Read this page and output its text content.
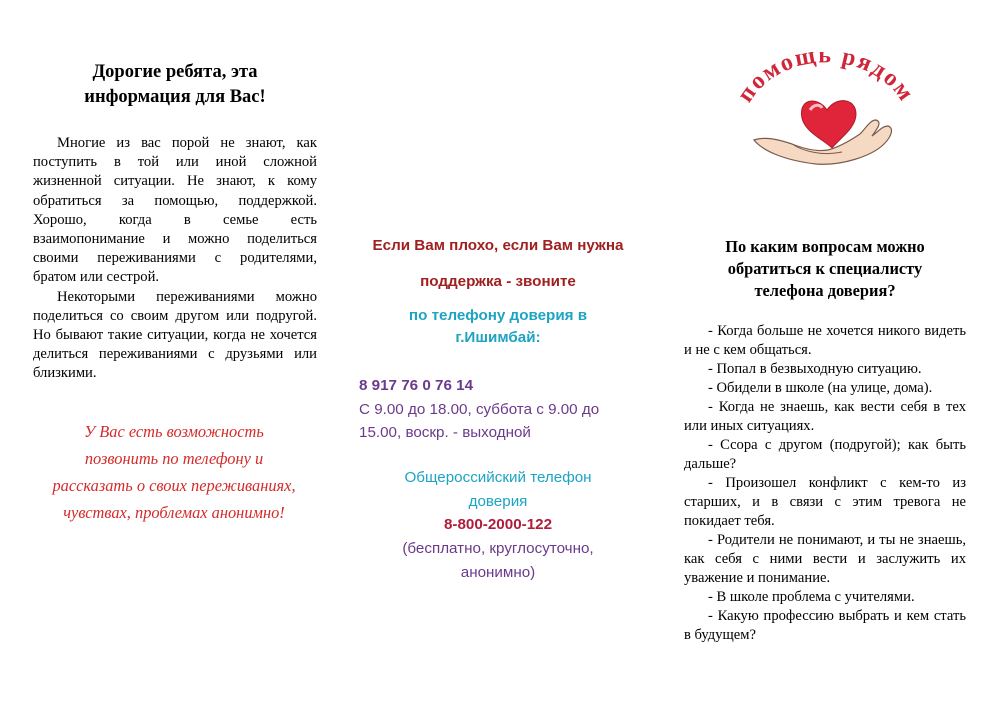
Дорогие ребята, эта
информация для Вас!

Многие из вас порой не знают, как поступить в той или иной сложной жизненной ситуации. Не знают, к кому обратиться за помощью, поддержкой. Хорошо, когда в семье есть взаимопонимание и можно поделиться своими переживаниями с родителями, братом или сестрой.

Некоторыми переживаниями можно поделиться со своим другом или подругой. Но бывают такие ситуации, когда не хочется делиться переживаниями с друзьями или близкими.

У Вас есть возможность
позвонить по телефону и
рассказать о своих переживаниях,
чувствах, проблемах анонимно!
Если Вам плохо, если Вам нужна
поддержка - звоните
по телефону доверия в
г.Ишимбай:
8 917 76 0 76 14
С 9.00 до 18.00, суббота с 9.00 до
15.00, воскр. - выходной
Общероссийский телефон
доверия
8-800-2000-122
(бесплатно, круглосуточно,
анонимно)
помощь рядом
По каким вопросам можно
обратиться к специалисту
телефона доверия?

- Когда больше не хочется никого видеть и не с кем общаться.

- Попал в безвыходную ситуацию.

- Обидели в школе (на улице, дома).

- Когда не знаешь, как вести себя в тех или иных ситуациях.

- Ссора с другом (подругой); как быть дальше?

- Произошел конфликт с кем-то из старших, и в связи с этим тревога не покидает тебя.

- Родители не понимают, и ты не знаешь, как себя с ними вести и заслужить их уважение и понимание.

- В школе проблема с учителями.

- Какую профессию выбрать и кем стать в будущем?
